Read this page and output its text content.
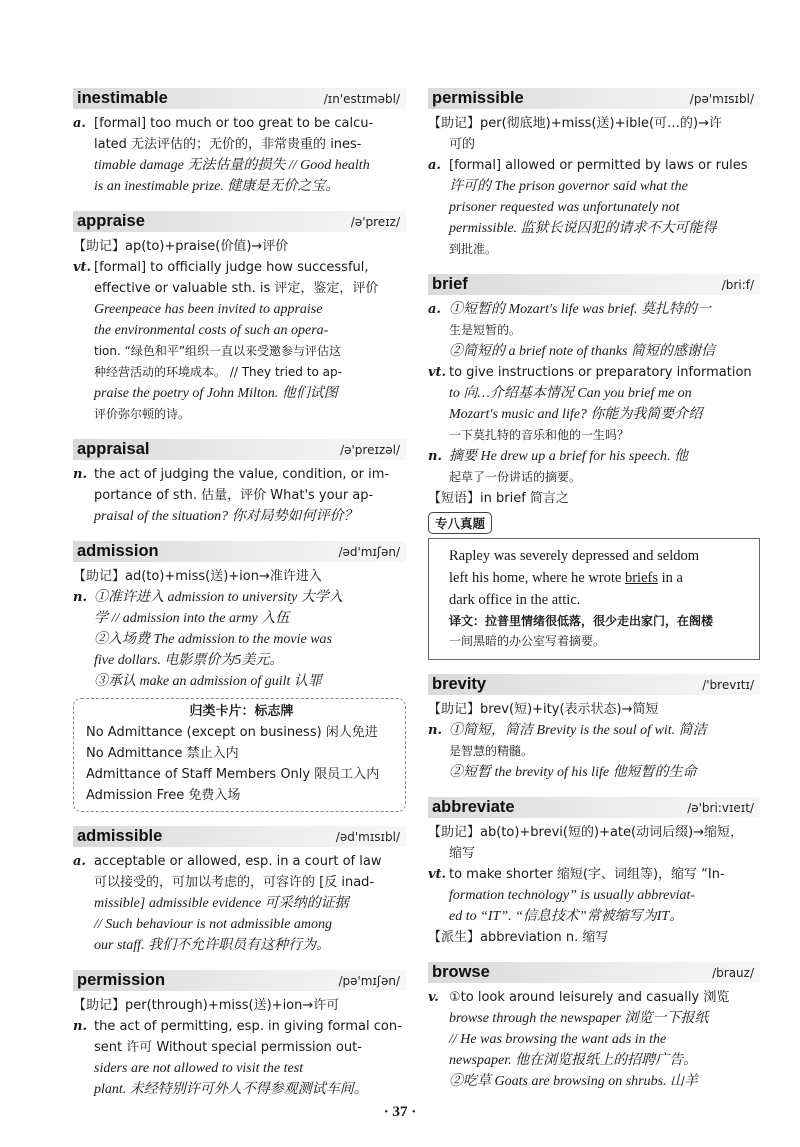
inestimable	/ɪn'estɪməbl/
a. [formal] too much or too great to be calcu-
lated 无法评估的；无价的，非常贵重的 ines-
timable damage 无法估量的损失 // Good health
is an inestimable prize. 健康是无价之宝。
appraise	/ə'preɪz/
【助记】ap(to)+praise(价值)→评价
vt. [formal] to officially judge how successful,
effective or valuable sth. is 评定，鉴定，评价
Greenpeace has been invited to appraise
the environmental costs of such an opera-
tion. “绿色和平”组织一直以来受邀参与评估这
种经营活动的环境成本。 // They tried to ap-
praise the poetry of John Milton. 他们试图
评价弥尔顿的诗。
appraisal	/ə'preɪzəl/
n. the act of judging the value, condition, or im-
portance of sth. 估量，评价 What's your ap-
praisal of the situation? 你对局势如何评价？
admission	/əd'mɪʃən/
【助记】ad(to)+miss(送)+ion→准许进入
n. ①准许进入 admission to university 大学入
学 // admission into the army 入伍
②入场费 The admission to the movie was
five dollars. 电影票价为5美元。
③承认 make an admission of guilt 认罪
归类卡片：标志牌
No Admittance (except on business) 闲人免进
No Admittance 禁止入内
Admittance of Staff Members Only 限员工入内
Admission Free 免费入场
admissible	/əd'mɪsɪbl/
a. acceptable or allowed, esp. in a court of law
可以接受的，可加以考虑的，可容许的 [反 inad-
missible] admissible evidence 可采纳的证据
// Such behaviour is not admissible among
our staff. 我们不允许职员有这种行为。
permission	/pə'mɪʃən/
【助记】per(through)+miss(送)+ion→许可
n. the act of permitting, esp. in giving formal con-
sent 许可 Without special permission out-
siders are not allowed to visit the test
plant. 未经特别许可外人不得参观测试车间。
permissible	/pə'mɪsɪbl/
【助记】per(彻底地)+miss(送)+ible(可…的)→许
可的
a. [formal] allowed or permitted by laws or rules
许可的 The prison governor said what the
prisoner requested was unfortunately not
permissible. 监狱长说囚犯的请求不大可能得
到批准。
brief	/bri:f/
a. ①短暂的 Mozart's life was brief. 莫扎特的一
生是短暂的。
②简短的 a brief note of thanks 简短的感谢信
vt. to give instructions or preparatory information
to 向…介绍基本情况 Can you brief me on
Mozart's music and life? 你能为我简要介绍
一下莫扎特的音乐和他的一生吗？
n. 摘要 He drew up a brief for his speech. 他
起草了一份讲话的摘要。
【短语】in brief 简言之
专八真题
Rapley was severely depressed and seldom
left his home, where he wrote briefs in a
dark office in the attic.
译文：拉普里情绪很低落，很少走出家门，在阁楼
一间黑暗的办公室写着摘要。
brevity	/'brevɪtɪ/
【助记】brev(短)+ity(表示状态)→简短
n. ①简短，简洁 Brevity is the soul of wit. 简洁
是智慧的精髓。
②短暂 the brevity of his life 他短暂的生命
abbreviate	/ə'bri:vɪeɪt/
【助记】ab(to)+brevi(短的)+ate(动词后缀)→缩短，
缩写
vt. to make shorter 缩短(字、词组等)，缩写 “In-
formation technology” is usually abbreviat-
ed to “IT”. “信息技术”常被缩写为IT。
【派生】abbreviation n. 缩写
browse	/brauz/
v. ①to look around leisurely and casually 浏览
browse through the newspaper 浏览一下报纸
// He was browsing the want ads in the
newspaper. 他在浏览报纸上的招聘广告。
②吃草 Goats are browsing on shrubs. 山羊
· 37 ·
